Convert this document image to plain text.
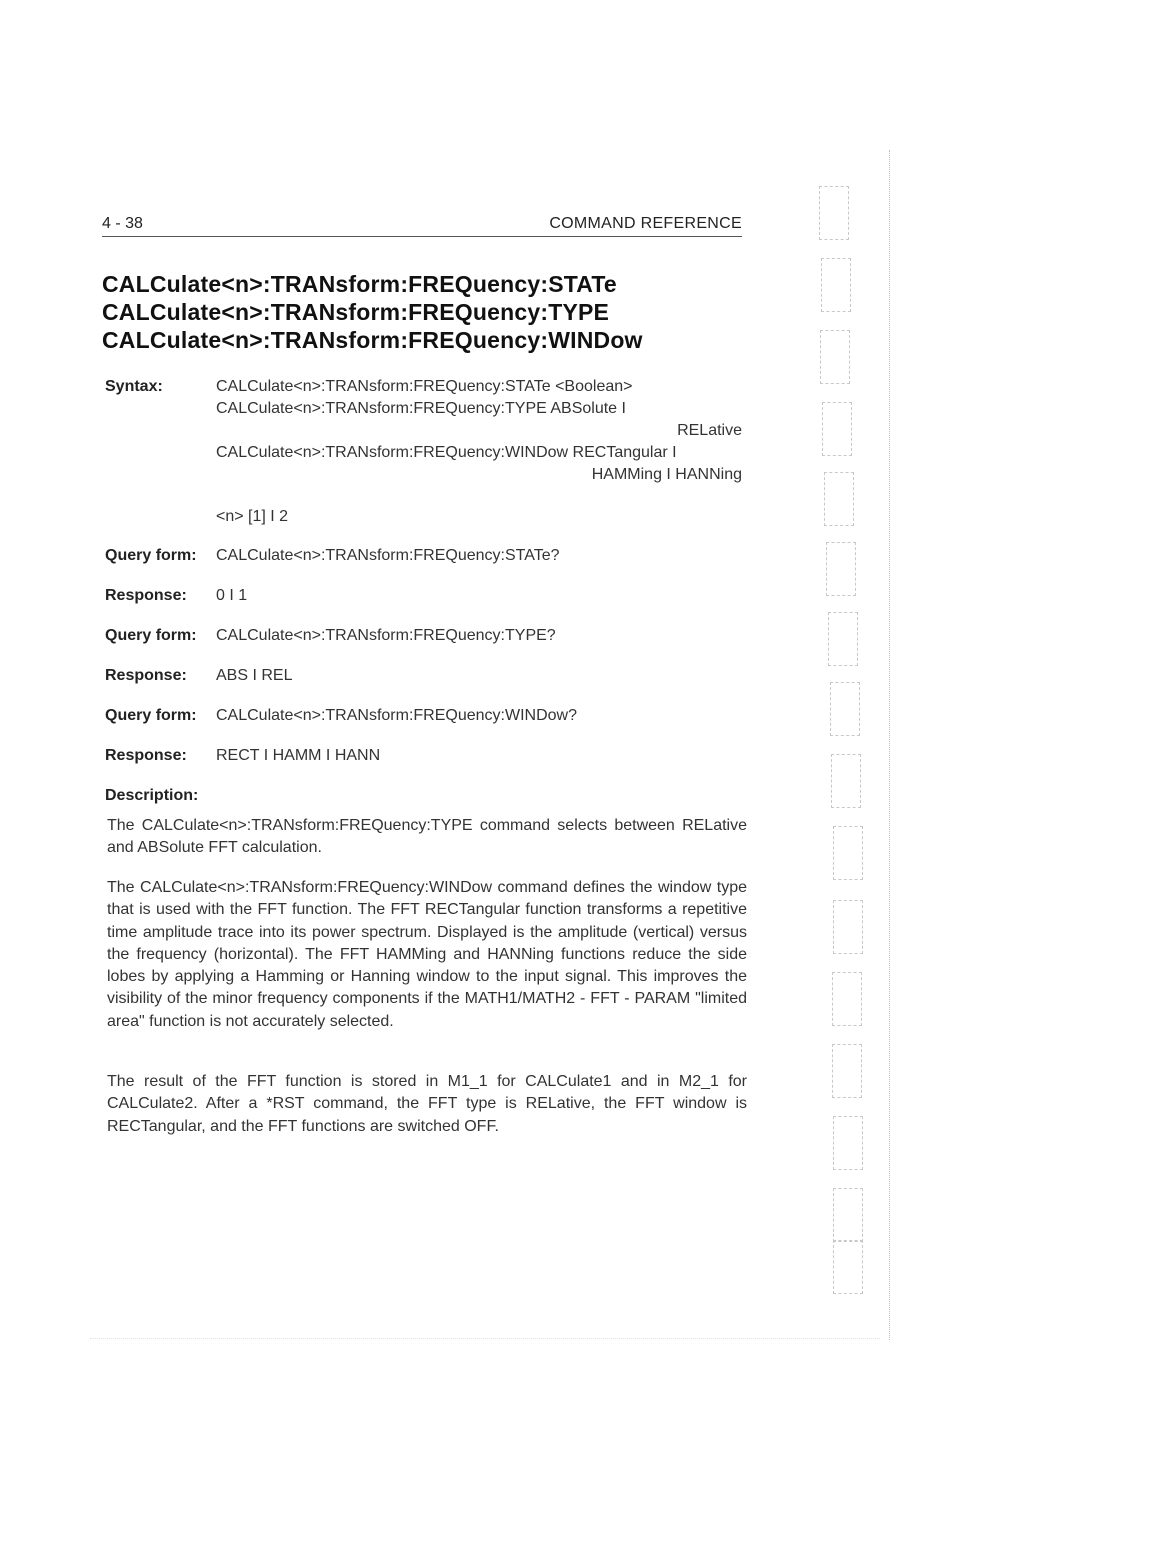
4 - 38	COMMAND REFERENCE
CALCulate<n>:TRANsform:FREQuency:STATe
CALCulate<n>:TRANsform:FREQuency:TYPE
CALCulate<n>:TRANsform:FREQuency:WINDow
Syntax:	CALCulate<n>:TRANsform:FREQuency:STATe <Boolean>
CALCulate<n>:TRANsform:FREQuency:TYPE ABSolute I
RELative
CALCulate<n>:TRANsform:FREQuency:WINDow RECTangular I
HAMMing I HANNing
<n> [1] I 2
Query form: CALCulate<n>:TRANsform:FREQuency:STATe?
Response: 0 I 1
Query form: CALCulate<n>:TRANsform:FREQuency:TYPE?
Response: ABS I REL
Query form: CALCulate<n>:TRANsform:FREQuency:WINDow?
Response: RECT I HAMM I HANN
Description:

The CALCulate<n>:TRANsform:FREQuency:TYPE command selects between RELative and ABSolute FFT calculation.

The CALCulate<n>:TRANsform:FREQuency:WINDow command defines the window type that is used with the FFT function. The FFT RECTangular function transforms a repetitive time amplitude trace into its power spectrum. Displayed is the amplitude (vertical) versus the frequency (horizontal). The FFT HAMMing and HANNing functions reduce the side lobes by applying a Hamming or Hanning window to the input signal. This improves the visibility of the minor frequency components if the MATH1/MATH2 - FFT - PARAM "limited area" function is not accurately selected.

The result of the FFT function is stored in M1_1 for CALCulate1 and in M2_1 for CALCulate2. After a *RST command, the FFT type is RELative, the FFT window is RECTangular, and the FFT functions are switched OFF.
